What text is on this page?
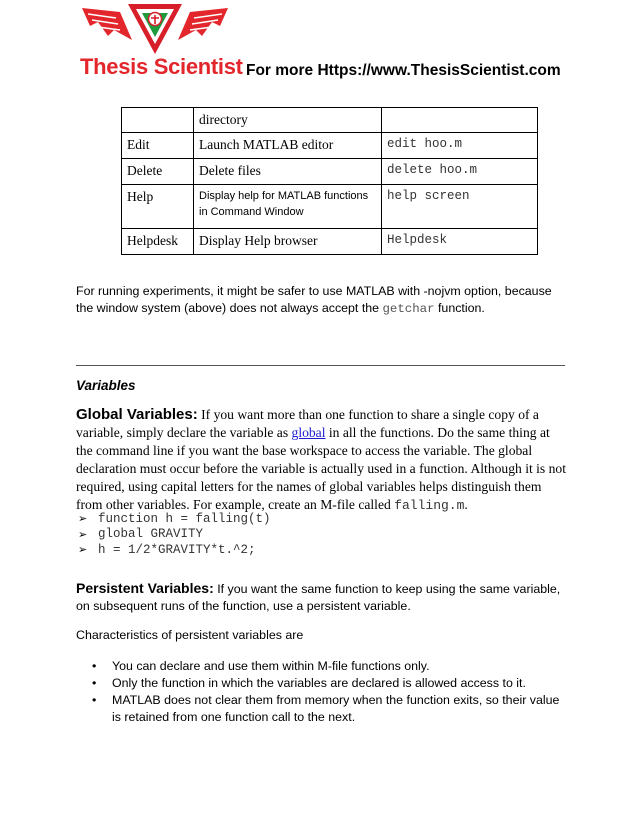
Thesis Scientist For more Https://www.ThesisScientist.com
	directory	
Edit	Launch MATLAB editor	edit hoo.m
Delete	Delete files	delete hoo.m
Help	Display help for MATLAB functions in Command Window	help screen
Helpdesk	Display Help browser	Helpdesk
For running experiments, it might be safer to use MATLAB with -nojvm option, because the window system (above) does not always accept the getchar function.
Variables
Global Variables: If you want more than one function to share a single copy of a variable, simply declare the variable as global in all the functions. Do the same thing at the command line if you want the base workspace to access the variable. The global declaration must occur before the variable is actually used in a function. Although it is not required, using capital letters for the names of global variables helps distinguish them from other variables. For example, create an M-file called falling.m.
➢ function h = falling(t)
➢ global GRAVITY
➢ h = 1/2*GRAVITY*t.^2;
Persistent Variables: If you want the same function to keep using the same variable, on subsequent runs of the function, use a persistent variable.
Characteristics of persistent variables are
• You can declare and use them within M-file functions only.
• Only the function in which the variables are declared is allowed access to it.
• MATLAB does not clear them from memory when the function exits, so their value is retained from one function call to the next.
